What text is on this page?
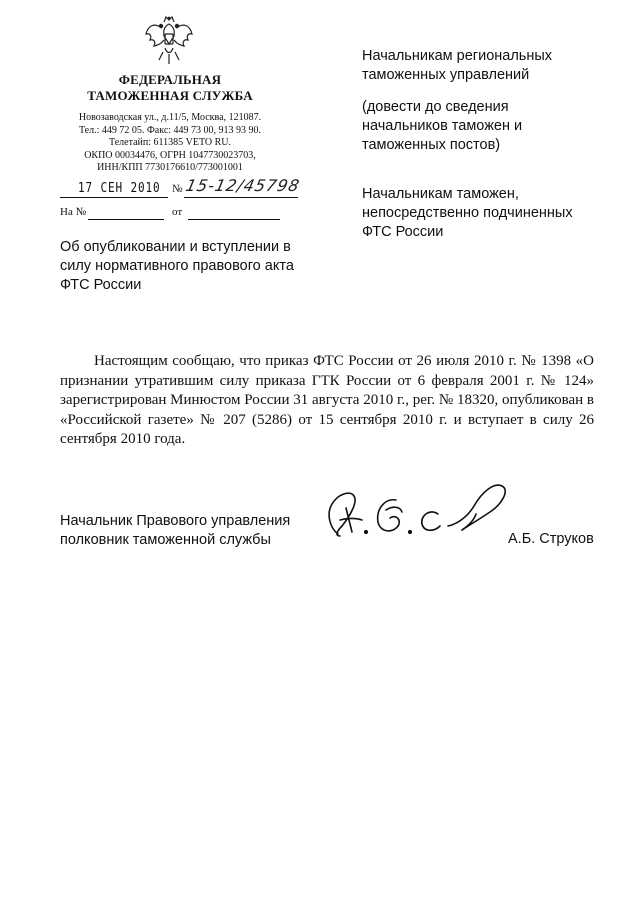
ФЕДЕРАЛЬНАЯ
ТАМОЖЕННАЯ СЛУЖБА
Новозаводская ул., д.11/5, Москва, 121087.
Тел.: 449 72 05. Факс: 449 73 00, 913 93 90.
Телетайп: 611385 VETO RU.
ОКПО 00034476, ОГРН 1047730023703,
ИНН/КПП 7730176610/773001001
17 СЕН 2010 № 15-12/45798
На №	от
Об опубликовании и вступлении в
силу нормативного правового акта
ФТС России
Начальникам региональных
таможенных управлений
(довести до сведения
начальников таможен и
таможенных постов)
Начальникам таможен,
непосредственно подчиненных
ФТС России
Настоящим сообщаю, что приказ ФТС России от 26 июля 2010 г. № 1398 «О признании утратившим силу приказа ГТК России от 6 февраля 2001 г. № 124» зарегистрирован Минюстом России 31 августа 2010 г., рег. № 18320, опубликован в «Российской газете» № 207 (5286) от 15 сентября 2010 г. и вступает в силу 26 сентября 2010 года.
Начальник Правового управления
полковник таможенной службы	А.Б. Струков
